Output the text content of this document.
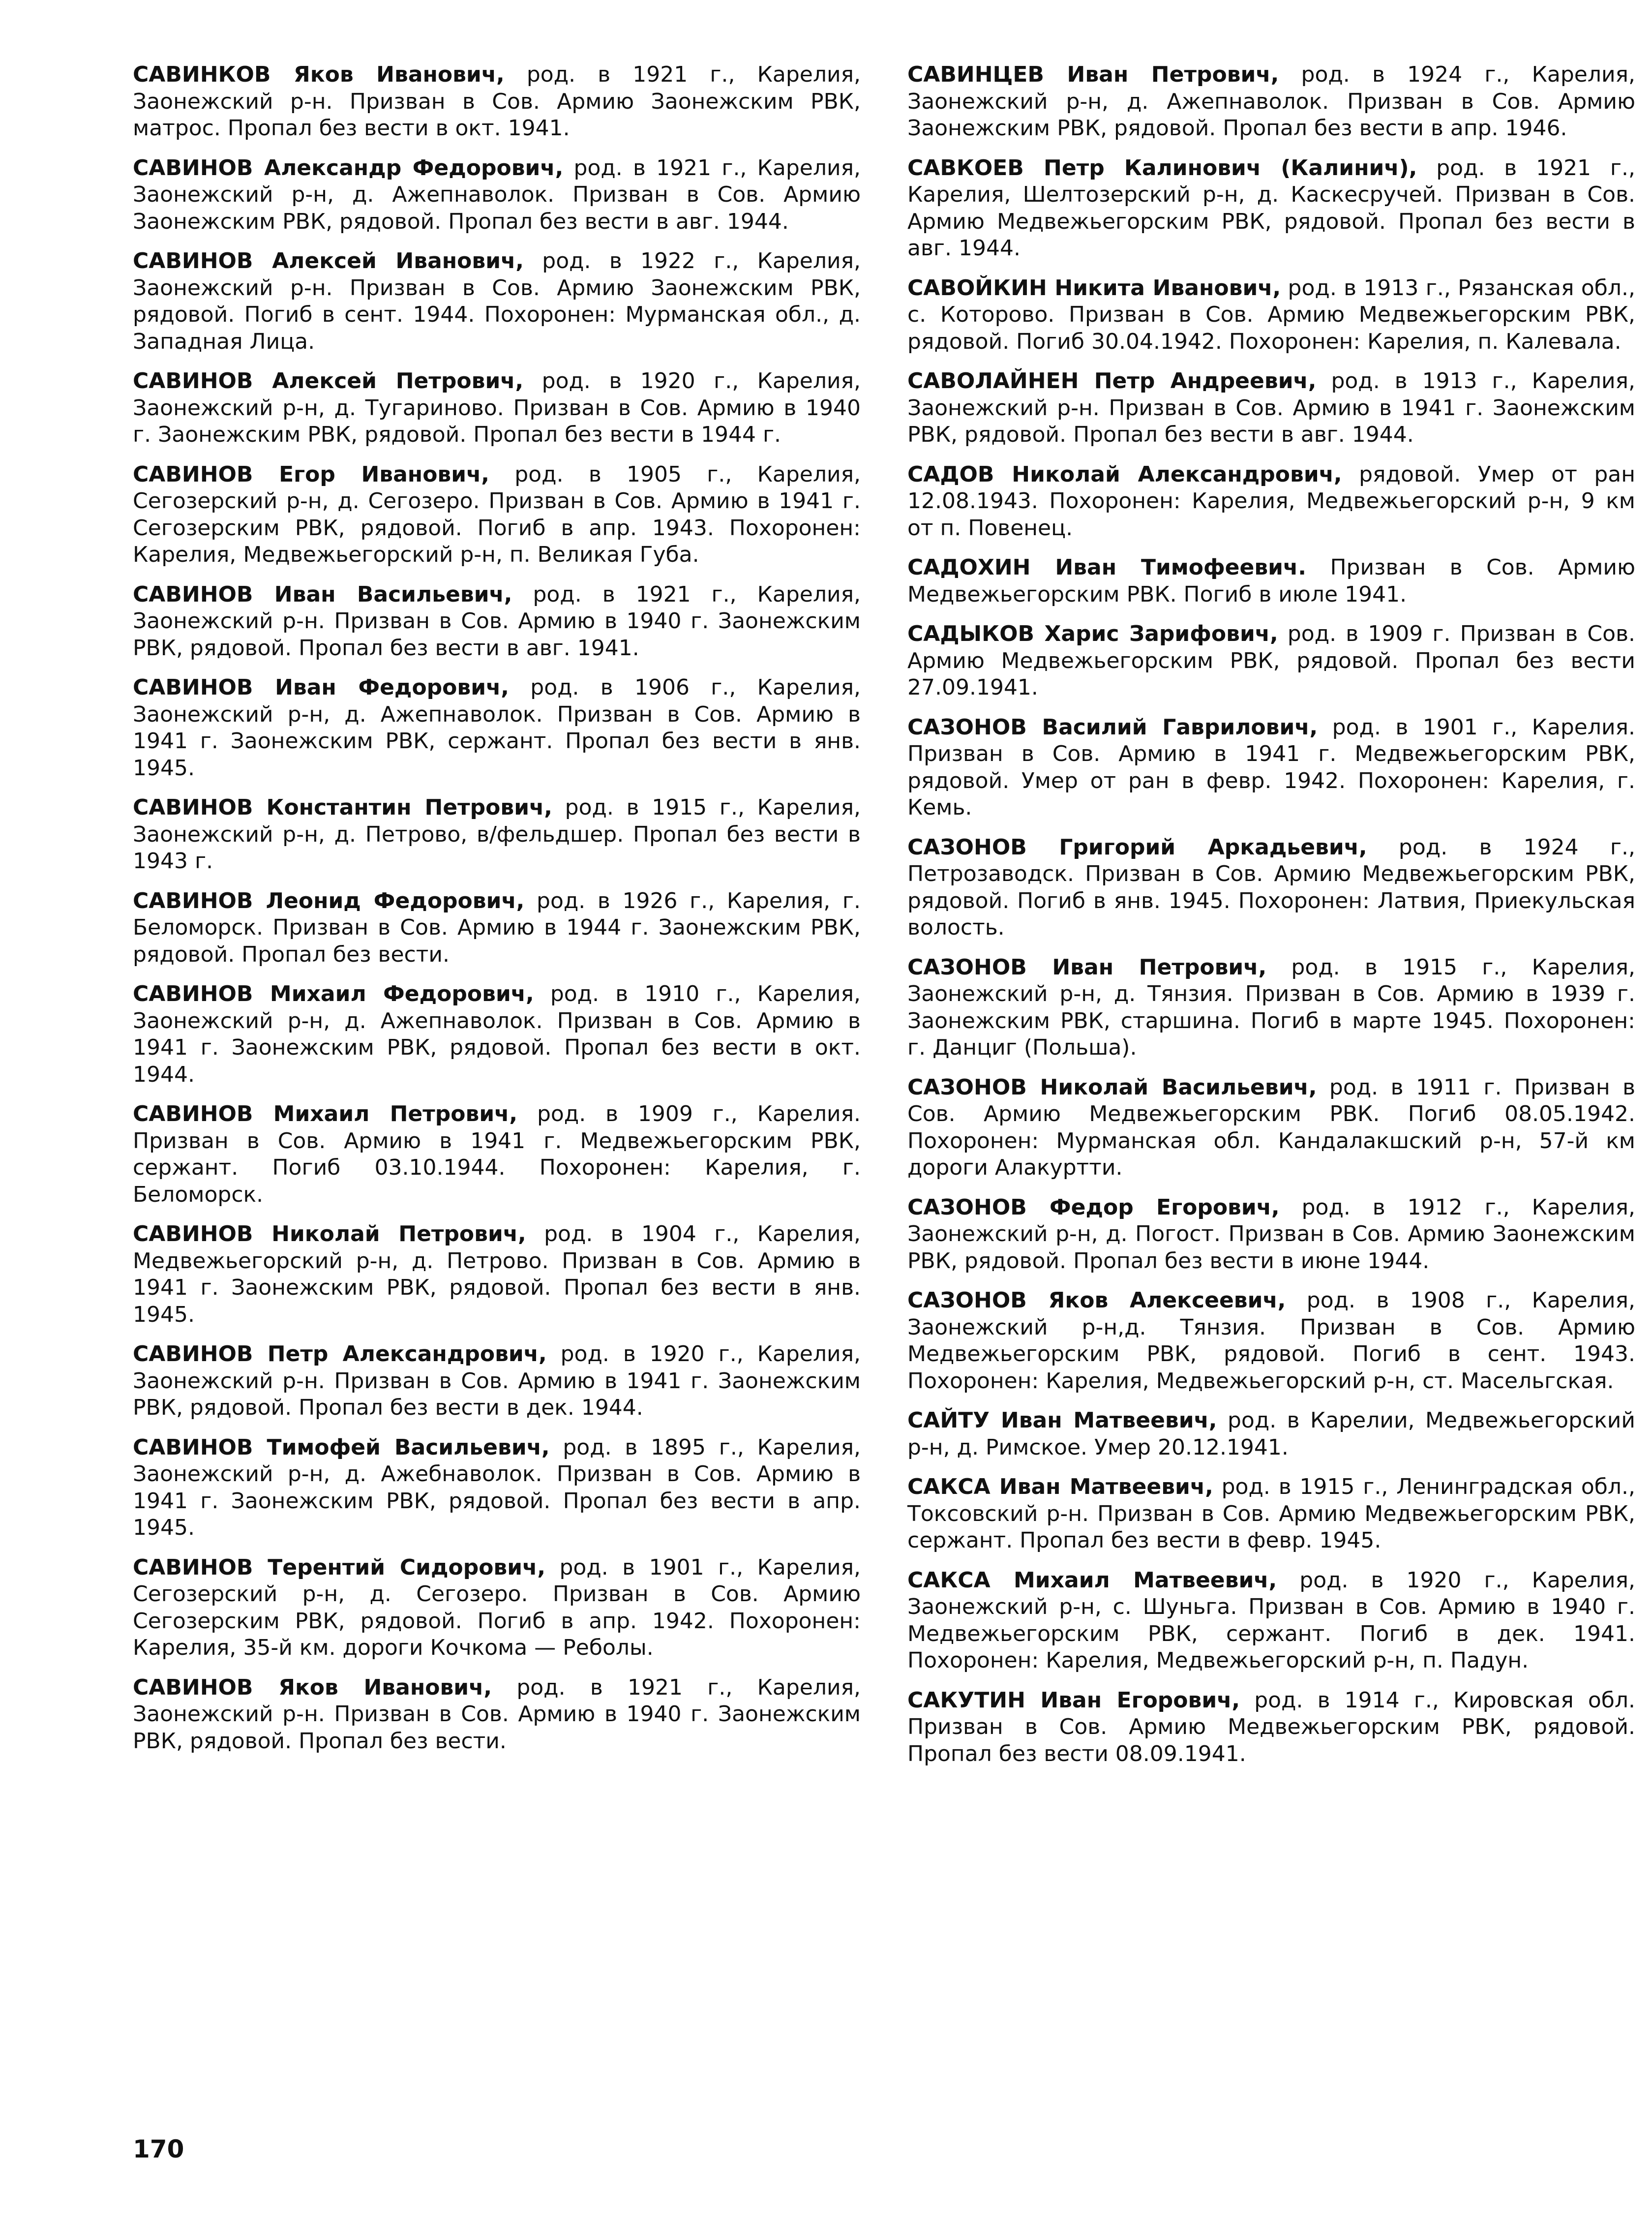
САВИНКОВ Яков Иванович, род. в 1921 г., Карелия, Заонежский р-н. Призван в Сов. Армию Заонежским РВК, матрос. Пропал без вести в окт. 1941.

САВИНОВ Александр Федорович, род. в 1921 г., Карелия, Заонежский р-н, д. Ажепнаволок. Призван в Сов. Армию Заонежским РВК, рядовой. Пропал без вести в авг. 1944.

САВИНОВ Алексей Иванович, род. в 1922 г., Карелия, Заонежский р-н. Призван в Сов. Армию Заонежским РВК, рядовой. Погиб в сент. 1944. Похоронен: Мурманская обл., д. Западная Лица.

САВИНОВ Алексей Петрович, род. в 1920 г., Карелия, Заонежский р-н, д. Тугариново. Призван в Сов. Армию в 1940 г. Заонежским РВК, рядовой. Пропал без вести в 1944 г.

САВИНОВ Егор Иванович, род. в 1905 г., Карелия, Сегозерский р-н, д. Сегозеро. Призван в Сов. Армию в 1941 г. Сегозерским РВК, рядовой. Погиб в апр. 1943. Похоронен: Карелия, Медвежьегорский р-н, п. Великая Губа.

САВИНОВ Иван Васильевич, род. в 1921 г., Карелия, Заонежский р-н. Призван в Сов. Армию в 1940 г. Заонежским РВК, рядовой. Пропал без вести в авг. 1941.

САВИНОВ Иван Федорович, род. в 1906 г., Карелия, Заонежский р-н, д. Ажепнаволок. Призван в Сов. Армию в 1941 г. Заонежским РВК, сержант. Пропал без вести в янв. 1945.

САВИНОВ Константин Петрович, род. в 1915 г., Карелия, Заонежский р-н, д. Петрово, в/фельдшер. Пропал без вести в 1943 г.

САВИНОВ Леонид Федорович, род. в 1926 г., Карелия, г. Беломорск. Призван в Сов. Армию в 1944 г. Заонежским РВК, рядовой. Пропал без вести.

САВИНОВ Михаил Федорович, род. в 1910 г., Карелия, Заонежский р-н, д. Ажепнаволок. Призван в Сов. Армию в 1941 г. Заонежским РВК, рядовой. Пропал без вести в окт. 1944.

САВИНОВ Михаил Петрович, род. в 1909 г., Карелия. Призван в Сов. Армию в 1941 г. Медвежьегорским РВК, сержант. Погиб 03.10.1944. Похоронен: Карелия, г. Беломорск.

САВИНОВ Николай Петрович, род. в 1904 г., Карелия, Медвежьегорский р-н, д. Петрово. Призван в Сов. Армию в 1941 г. Заонежским РВК, рядовой. Пропал без вести в янв. 1945.

САВИНОВ Петр Александрович, род. в 1920 г., Карелия, Заонежский р-н. Призван в Сов. Армию в 1941 г. Заонежским РВК, рядовой. Пропал без вести в дек. 1944.

САВИНОВ Тимофей Васильевич, род. в 1895 г., Карелия, Заонежский р-н, д. Ажебнаволок. Призван в Сов. Армию в 1941 г. Заонежским РВК, рядовой. Пропал без вести в апр. 1945.

САВИНОВ Терентий Сидорович, род. в 1901 г., Карелия, Сегозерский р-н, д. Сегозеро. Призван в Сов. Армию Сегозерским РВК, рядовой. Погиб в апр. 1942. Похоронен: Карелия, 35-й км. дороги Кочкома — Реболы.

САВИНОВ Яков Иванович, род. в 1921 г., Карелия, Заонежский р-н. Призван в Сов. Армию в 1940 г. Заонежским РВК, рядовой. Пропал без вести.

САВИНЦЕВ Иван Петрович, род. в 1924 г., Карелия, Заонежский р-н, д. Ажепнаволок. Призван в Сов. Армию Заонежским РВК, рядовой. Пропал без вести в апр. 1946.

САВКОЕВ Петр Калинович (Калинич), род. в 1921 г., Карелия, Шелтозерский р-н, д. Каскесручей. Призван в Сов. Армию Медвежьегорским РВК, рядовой. Пропал без вести в авг. 1944.

САВОЙКИН Никита Иванович, род. в 1913 г., Рязанская обл., с. Которово. Призван в Сов. Армию Медвежьегорским РВК, рядовой. Погиб 30.04.1942. Похоронен: Карелия, п. Калевала.

САВОЛАЙНЕН Петр Андреевич, род. в 1913 г., Карелия, Заонежский р-н. Призван в Сов. Армию в 1941 г. Заонежским РВК, рядовой. Пропал без вести в авг. 1944.

САДОВ Николай Александрович, рядовой. Умер от ран 12.08.1943. Похоронен: Карелия, Медвежьегорский р-н, 9 км от п. Повенец.

САДОХИН Иван Тимофеевич. Призван в Сов. Армию Медвежьегорским РВК. Погиб в июле 1941.

САДЫКОВ Харис Зарифович, род. в 1909 г. Призван в Сов. Армию Медвежьегорским РВК, рядовой. Пропал без вести 27.09.1941.

САЗОНОВ Василий Гаврилович, род. в 1901 г., Карелия. Призван в Сов. Армию в 1941 г. Медвежьегорским РВК, рядовой. Умер от ран в февр. 1942. Похоронен: Карелия, г. Кемь.

САЗОНОВ Григорий Аркадьевич, род. в 1924 г., Петрозаводск. Призван в Сов. Армию Медвежьегорским РВК, рядовой. Погиб в янв. 1945. Похоронен: Латвия, Приекульская волость.

САЗОНОВ Иван Петрович, род. в 1915 г., Карелия, Заонежский р-н, д. Тянзия. Призван в Сов. Армию в 1939 г. Заонежским РВК, старшина. Погиб в марте 1945. Похоронен: г. Данциг (Польша).

САЗОНОВ Николай Васильевич, род. в 1911 г. Призван в Сов. Армию Медвежьегорским РВК. Погиб 08.05.1942. Похоронен: Мурманская обл. Кандалакшский р-н, 57-й км дороги Алакуртти.

САЗОНОВ Федор Егорович, род. в 1912 г., Карелия, Заонежский р-н, д. Погост. Призван в Сов. Армию Заонежским РВК, рядовой. Пропал без вести в июне 1944.

САЗОНОВ Яков Алексеевич, род. в 1908 г., Карелия, Заонежский р-н,д. Тянзия. Призван в Сов. Армию Медвежьегорским РВК, рядовой. Погиб в сент. 1943. Похоронен: Карелия, Медвежьегорский р-н, ст. Масельгская.

САЙТУ Иван Матвеевич, род. в Карелии, Медвежьегорский р-н, д. Римское. Умер 20.12.1941.

САКСА Иван Матвеевич, род. в 1915 г., Ленинградская обл., Токсовский р-н. Призван в Сов. Армию Медвежьегорским РВК, сержант. Пропал без вести в февр. 1945.

САКСА Михаил Матвеевич, род. в 1920 г., Карелия, Заонежский р-н, с. Шуньга. Призван в Сов. Армию в 1940 г. Медвежьегорским РВК, сержант. Погиб в дек. 1941. Похоронен: Карелия, Медвежьегорский р-н, п. Падун.

САКУТИН Иван Егорович, род. в 1914 г., Кировская обл. Призван в Сов. Армию Медвежьегорским РВК, рядовой. Пропал без вести 08.09.1941.

170
